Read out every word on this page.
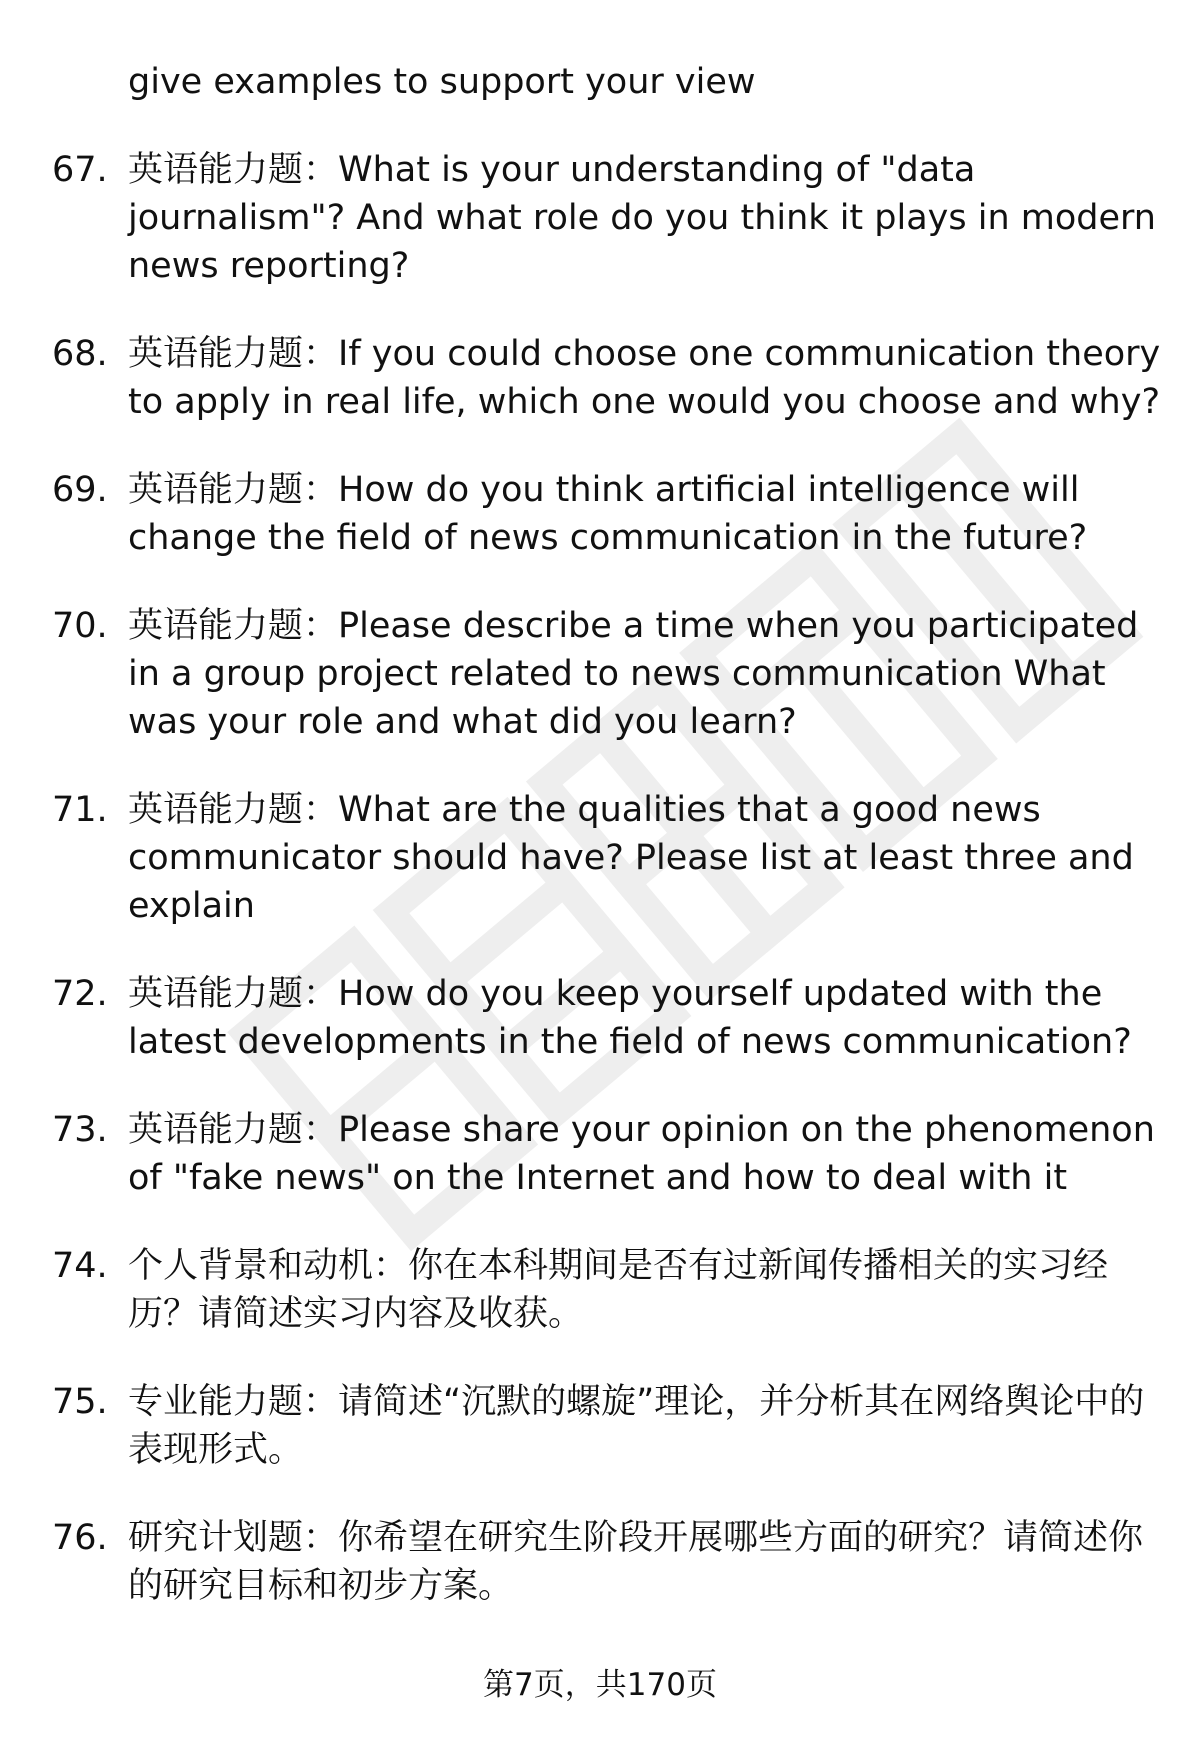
give examples to support your view
67. 英语能力题：What is your understanding of "data journalism"? And what role do you think it plays in modern news reporting?
68. 英语能力题：If you could choose one communication theory to apply in real life, which one would you choose and why?
69. 英语能力题：How do you think artificial intelligence will change the field of news communication in the future?
70. 英语能力题：Please describe a time when you participated in a group project related to news communication What was your role and what did you learn?
71. 英语能力题：What are the qualities that a good news communicator should have? Please list at least three and explain
72. 英语能力题：How do you keep yourself updated with the latest developments in the field of news communication?
73. 英语能力题：Please share your opinion on the phenomenon of "fake news" on the Internet and how to deal with it
74. 个人背景和动机：你在本科期间是否有过新闻传播相关的实习经历？请简述实习内容及收获。
75. 专业能力题：请简述“沉默的螺旋”理论，并分析其在网络舆论中的表现形式。
76. 研究计划题：你希望在研究生阶段开展哪些方面的研究？请简述你的研究目标和初步方案。
第7页，共170页
